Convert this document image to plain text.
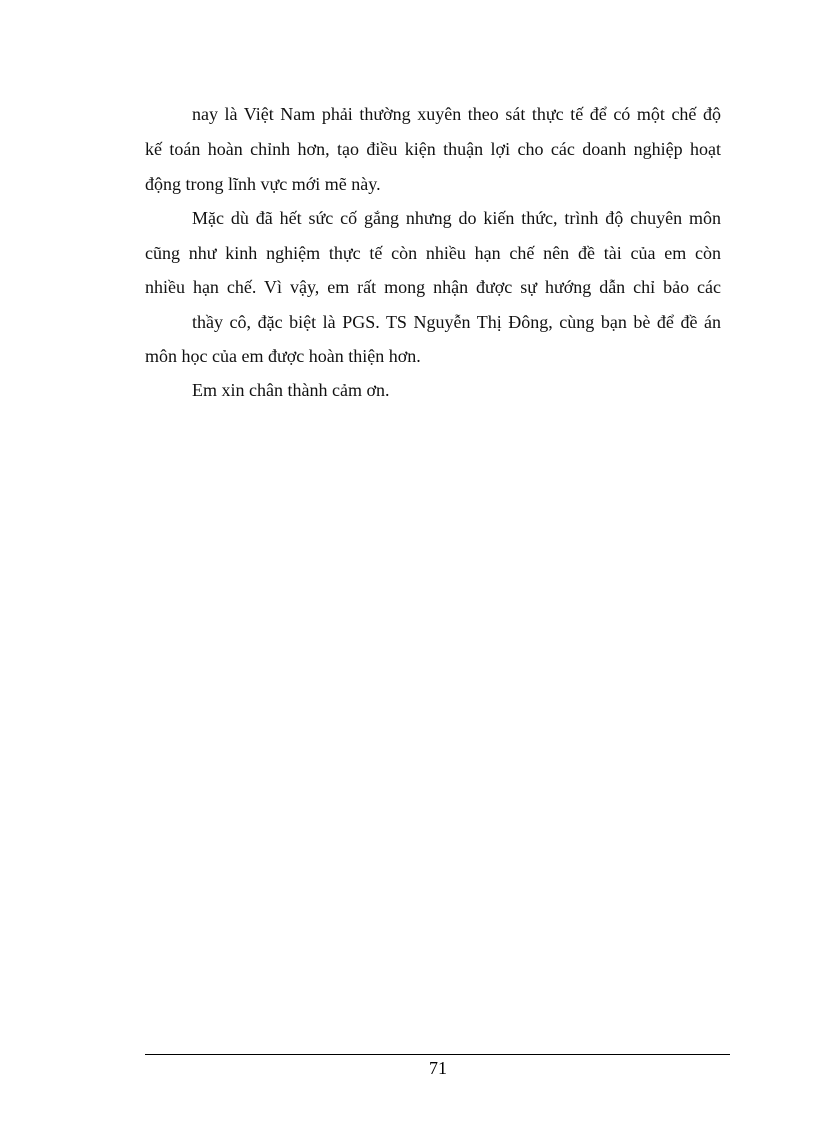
nay là Việt Nam phải thường xuyên theo sát thực tế để có một chế độ
kế toán hoàn chỉnh hơn, tạo điều kiện thuận lợi cho các doanh nghiệp hoạt
động trong lĩnh vực mới mẽ này.
Mặc dù đã hết sức cố gắng nhưng do kiến thức, trình độ chuyên môn
cũng như kinh nghiệm thực tế còn nhiều hạn chế nên đề tài của em còn
nhiều hạn chế. Vì vậy, em rất mong nhận được sự hướng dẫn chỉ bảo các
thầy cô, đặc biệt là PGS. TS Nguyễn Thị Đông, cùng bạn bè để đề án
môn học của em được hoàn thiện hơn.
Em xin chân thành cảm ơn.
71
